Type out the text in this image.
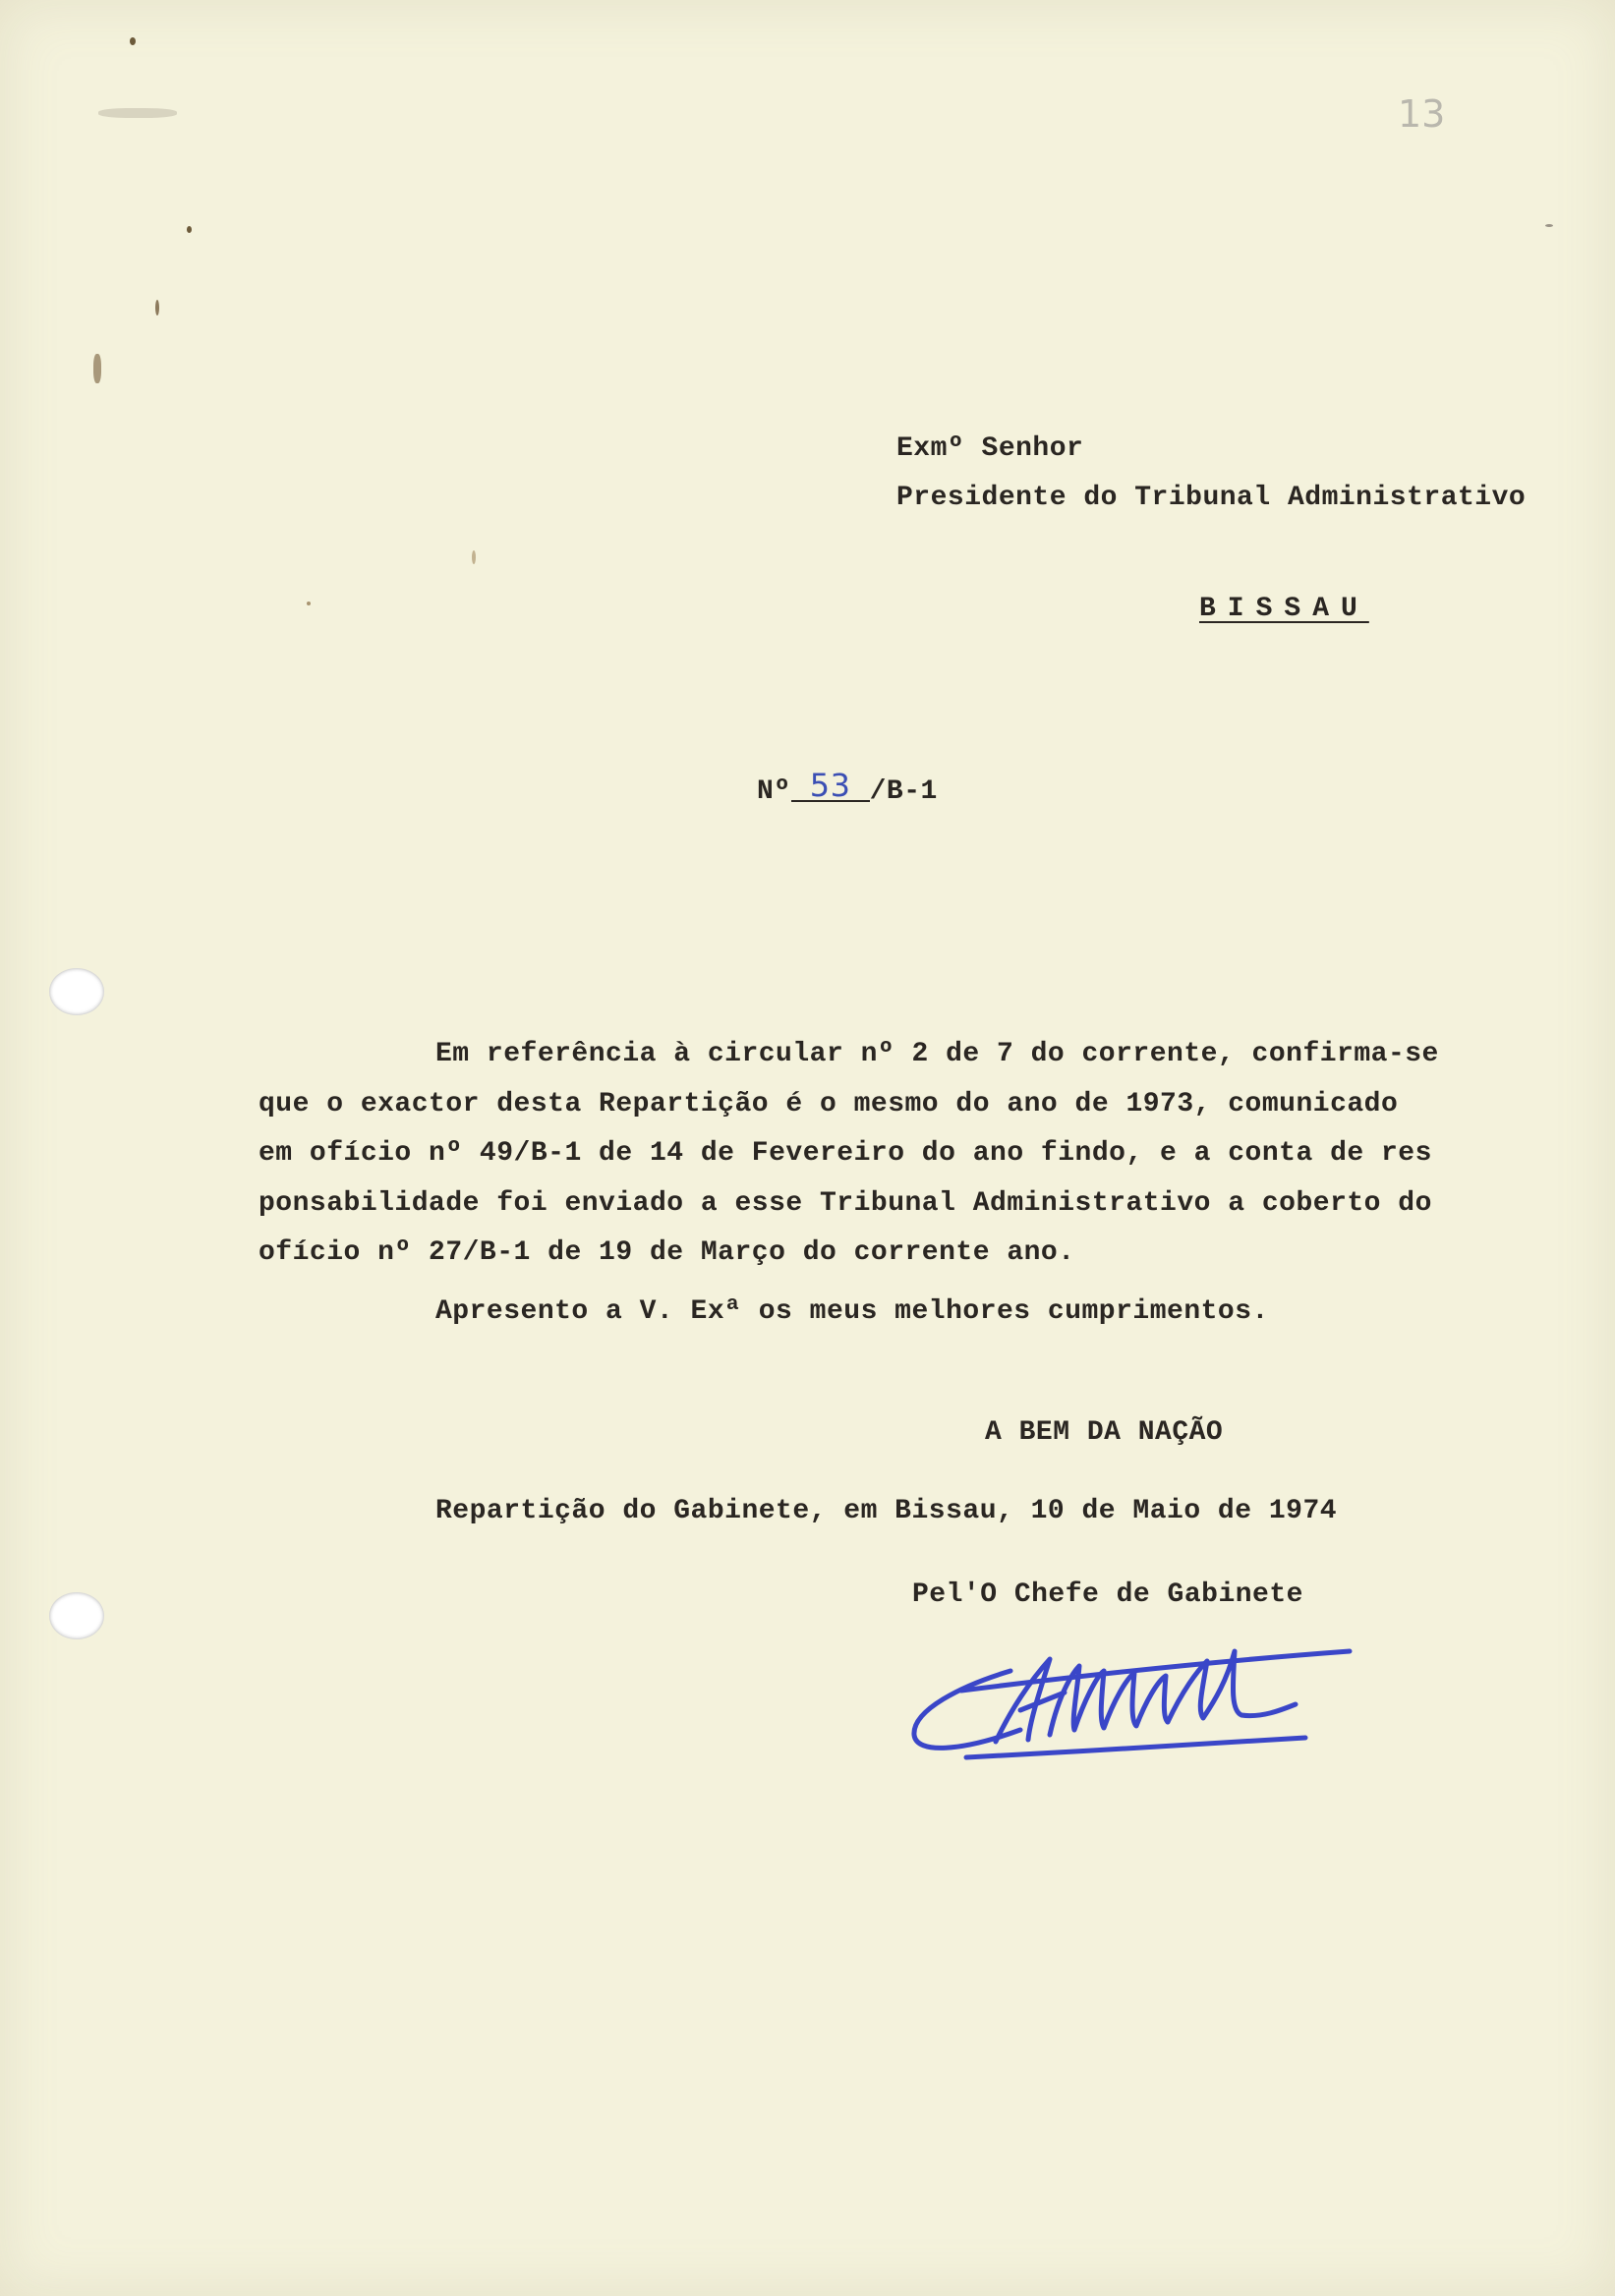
13
Exmº Senhor
Presidente do Tribunal Administrativo
BISSAU
Nº 53 /B-1
Em referência à circular nº 2 de 7 do corrente, confirma-se
que o exactor desta Repartição é o mesmo do ano de 1973, comunicado
em ofício nº 49/B-1 de 14 de Fevereiro do ano findo, e a conta de res
ponsabilidade foi enviado a esse Tribunal Administrativo a coberto do
ofício nº 27/B-1 de 19 de Março do corrente ano.
Apresento a V. Exª os meus melhores cumprimentos.
A BEM DA NAÇÃO
Repartição do Gabinete, em Bissau, 10 de Maio de 1974
Pel'O Chefe de Gabinete
